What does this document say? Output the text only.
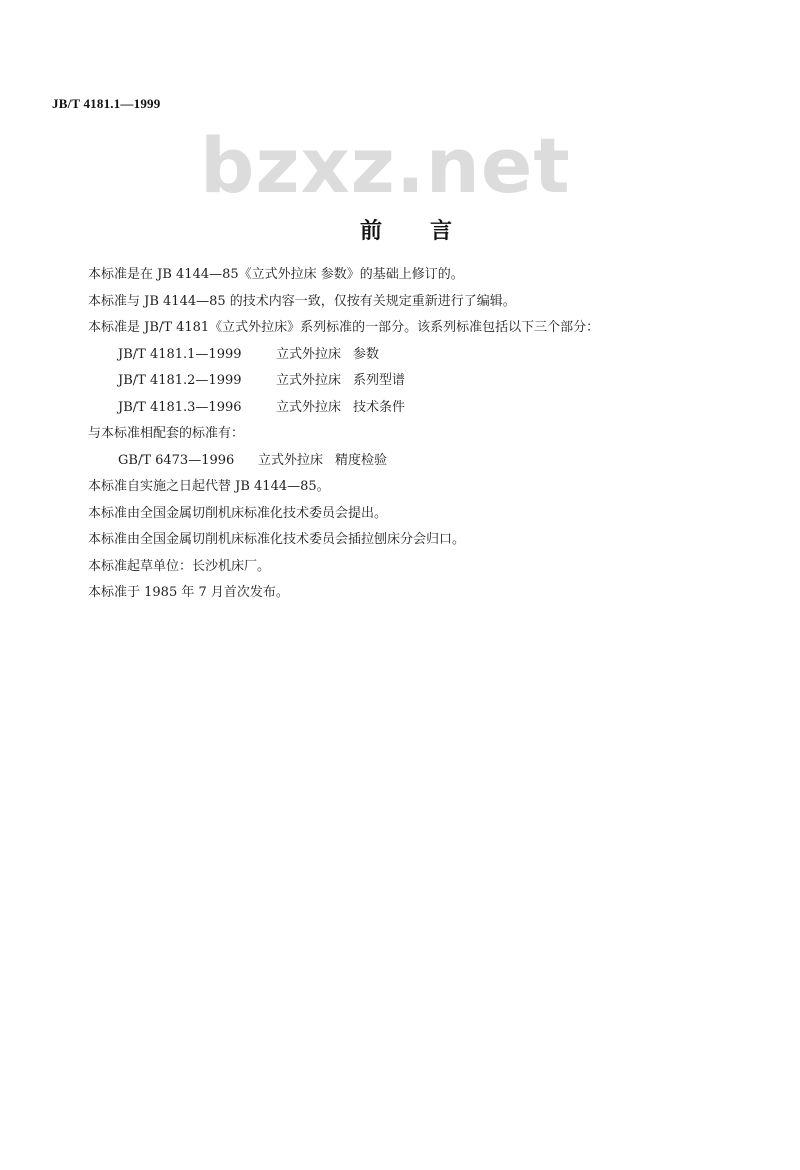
JB/T 4181.1—1999
bzxz.net
前言
本标准是在 JB 4144—85《立式外拉床 参数》的基础上修订的。
本标准与 JB 4144—85 的技术内容一致，仅按有关规定重新进行了编辑。
本标准是 JB/T 4181《立式外拉床》系列标准的一部分。该系列标准包括以下三个部分：
JB/T 4181.1—1999	立式外拉床 参数
JB/T 4181.2—1999	立式外拉床 系列型谱
JB/T 4181.3—1996	立式外拉床 技术条件
与本标准相配套的标准有：
GB/T 6473—1996 立式外拉床 精度检验
本标准自实施之日起代替 JB 4144—85。
本标准由全国金属切削机床标准化技术委员会提出。
本标准由全国金属切削机床标准化技术委员会插拉刨床分会归口。
本标准起草单位：长沙机床厂。
本标准于 1985 年 7 月首次发布。
